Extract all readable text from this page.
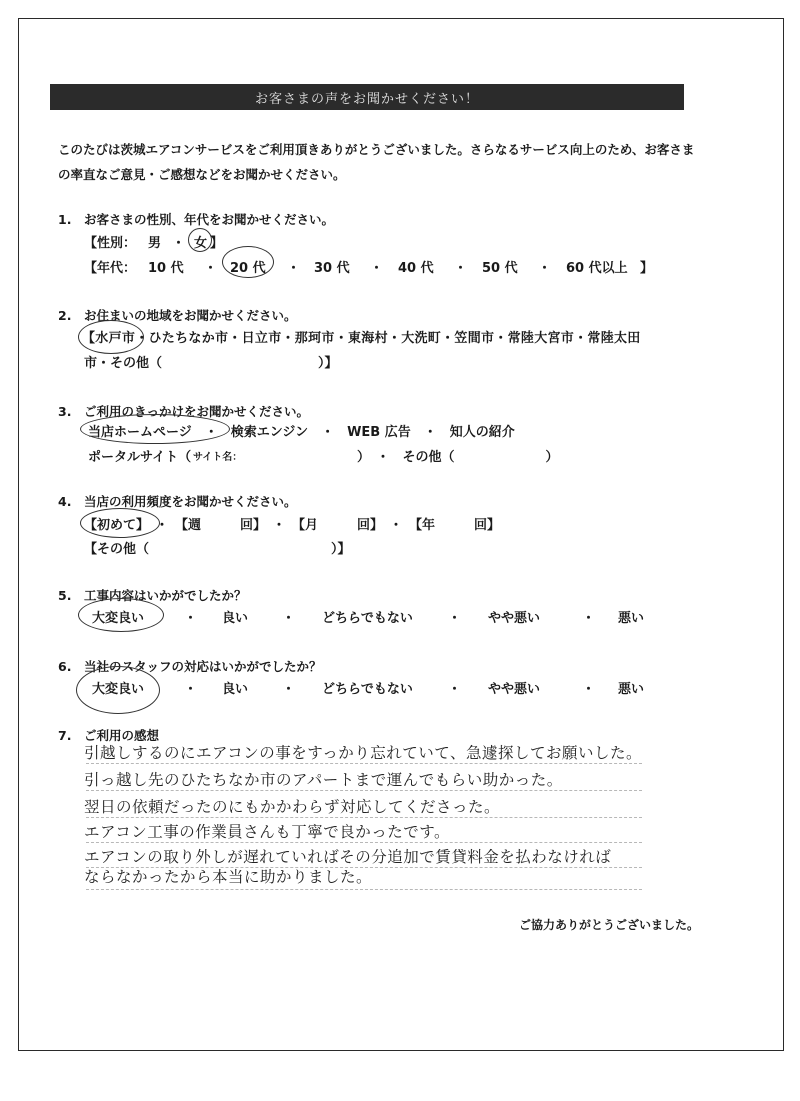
お客さまの声をお聞かせください！
このたびは茨城エアコンサービスをご利用頂きありがとうございました。さらなるサービス向上のため、お客さま
の率直なご意見・ご感想などをお聞かせください。
1.　お客さまの性別、年代をお聞かせください。
【性別： 男 ・ 女 】
【年代： 10 代 ・ 20 代 ・ 30 代 ・ 40 代 ・ 50 代 ・ 60 代以上 】
2.　お住まいの地域をお聞かせください。
【水戸市・ひたちなか市・日立市・那珂市・東海村・大洗町・笠間市・常陸大宮市・常陸太田
市・その他（　　　　　　　　　　　　）】
3.　ご利用のきっかけをお聞かせください。
当店ホームページ　・　検索エンジン　・　WEB 広告　・　知人の紹介
ポータルサイト（ サイト名：
　　　　　　　　　）　・　その他（　　　　　　　）
4.　当店の利用頻度をお聞かせください。
【初めて】　・　【週　　　回】　・　【月　　　回】　・　【年　　　回】
【その他（　　　　　　　　　　　　　　）】
5.　工事内容はいかがでしたか？
大変良い	・ 良い	・ どちらでもない	・ やや悪い	・ 悪い
6.　当社のスタッフの対応はいかがでしたか？
大変良い	・ 良い	・ どちらでもない	・ やや悪い	・ 悪い
7.　ご利用の感想
引越しするのにエアコンの事をすっかり忘れていて、急遽探してお願いした。
引っ越し先のひたちなか市のアパートまで運んでもらい助かった。
翌日の依頼だったのにもかかわらず対応してくださった。
エアコン工事の作業員さんも丁寧で良かったです。
エアコンの取り外しが遅れていればその分追加で賃貸料金を払わなければ
ならなかったから本当に助かりました。
ご協力ありがとうございました。
